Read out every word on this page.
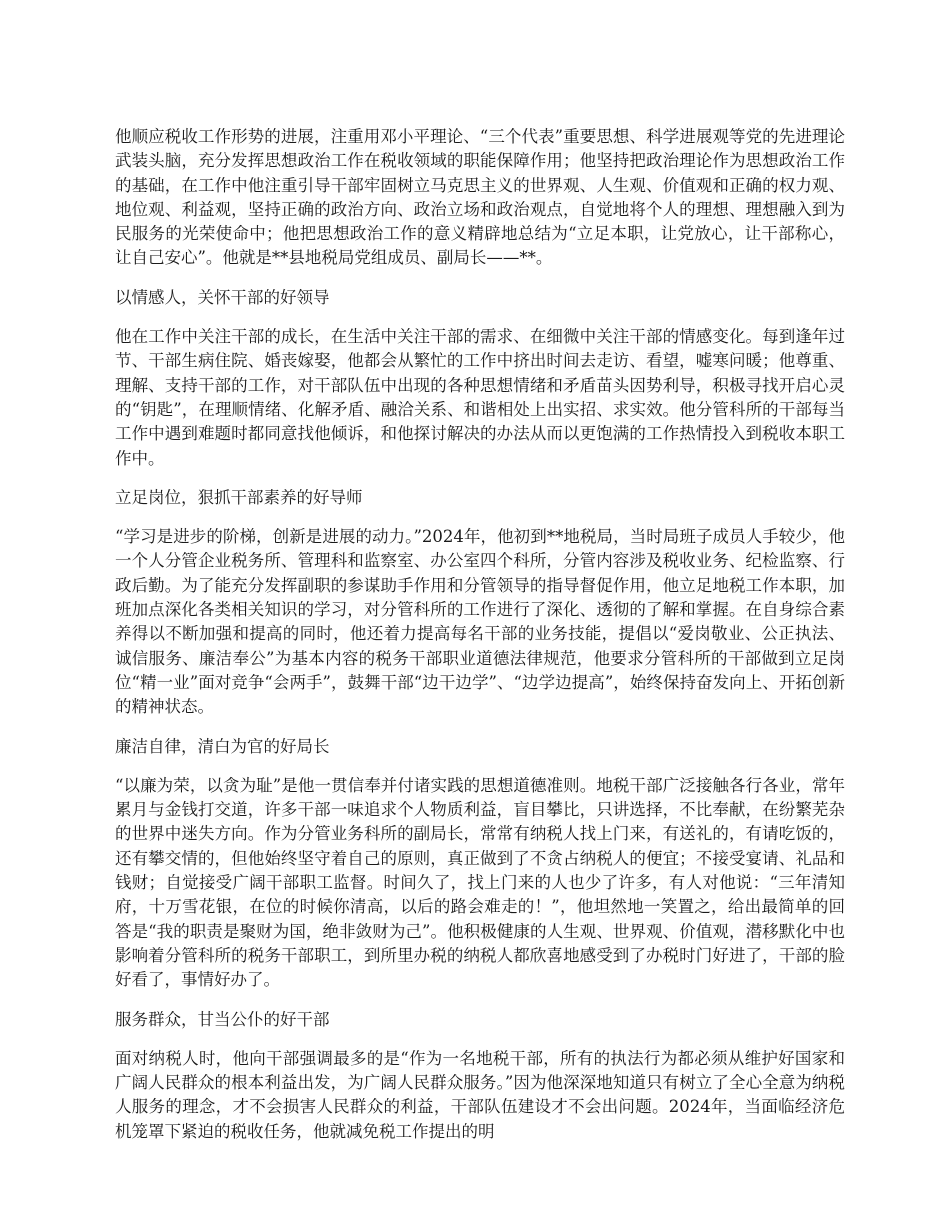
他顺应税收工作形势的进展，注重用邓小平理论、“三个代表”重要思想、科学进展观等党的先进理论武装头脑，充分发挥思想政治工作在税收领域的职能保障作用；他坚持把政治理论作为思想政治工作的基础，在工作中他注重引导干部牢固树立马克思主义的世界观、人生观、价值观和正确的权力观、地位观、利益观，坚持正确的政治方向、政治立场和政治观点，自觉地将个人的理想、理想融入到为民服务的光荣使命中；他把思想政治工作的意义精辟地总结为“立足本职，让党放心，让干部称心，让自己安心”。他就是**县地税局党组成员、副局长——**。

以情感人，关怀干部的好领导

他在工作中关注干部的成长，在生活中关注干部的需求、在细微中关注干部的情感变化。每到逢年过节、干部生病住院、婚丧嫁娶，他都会从繁忙的工作中挤出时间去走访、看望，嘘寒问暖；他尊重、理解、支持干部的工作，对干部队伍中出现的各种思想情绪和矛盾苗头因势利导，积极寻找开启心灵的“钥匙”，在理顺情绪、化解矛盾、融洽关系、和谐相处上出实招、求实效。他分管科所的干部每当工作中遇到难题时都同意找他倾诉，和他探讨解决的办法从而以更饱满的工作热情投入到税收本职工作中。

立足岗位，狠抓干部素养的好导师

“学习是进步的阶梯，创新是进展的动力。”2024年，他初到**地税局，当时局班子成员人手较少，他一个人分管企业税务所、管理科和监察室、办公室四个科所，分管内容涉及税收业务、纪检监察、行政后勤。为了能充分发挥副职的参谋助手作用和分管领导的指导督促作用，他立足地税工作本职，加班加点深化各类相关知识的学习，对分管科所的工作进行了深化、透彻的了解和掌握。在自身综合素养得以不断加强和提高的同时，他还着力提高每名干部的业务技能，提倡以“爱岗敬业、公正执法、诚信服务、廉洁奉公”为基本内容的税务干部职业道德法律规范，他要求分管科所的干部做到立足岗位“精一业”面对竞争“会两手”，鼓舞干部“边干边学”、“边学边提高”，始终保持奋发向上、开拓创新的精神状态。

廉洁自律，清白为官的好局长

“以廉为荣，以贪为耻”是他一贯信奉并付诸实践的思想道德准则。地税干部广泛接触各行各业，常年累月与金钱打交道，许多干部一味追求个人物质利益，盲目攀比，只讲选择，不比奉献，在纷繁芜杂的世界中迷失方向。作为分管业务科所的副局长，常常有纳税人找上门来，有送礼的，有请吃饭的，还有攀交情的，但他始终坚守着自己的原则，真正做到了不贪占纳税人的便宜；不接受宴请、礼品和钱财；自觉接受广阔干部职工监督。时间久了，找上门来的人也少了许多，有人对他说：“三年清知府，十万雪花银，在位的时候你清高，以后的路会难走的！”，他坦然地一笑置之，给出最简单的回答是“我的职责是聚财为国，绝非敛财为己”。他积极健康的人生观、世界观、价值观，潜移默化中也影响着分管科所的税务干部职工，到所里办税的纳税人都欣喜地感受到了办税时门好进了，干部的脸好看了，事情好办了。

服务群众，甘当公仆的好干部

面对纳税人时，他向干部强调最多的是“作为一名地税干部，所有的执法行为都必须从维护好国家和广阔人民群众的根本利益出发，为广阔人民群众服务。”因为他深深地知道只有树立了全心全意为纳税人服务的理念，才不会损害人民群众的利益，干部队伍建设才不会出问题。2024年，当面临经济危机笼罩下紧迫的税收任务，他就减免税工作提出的明
